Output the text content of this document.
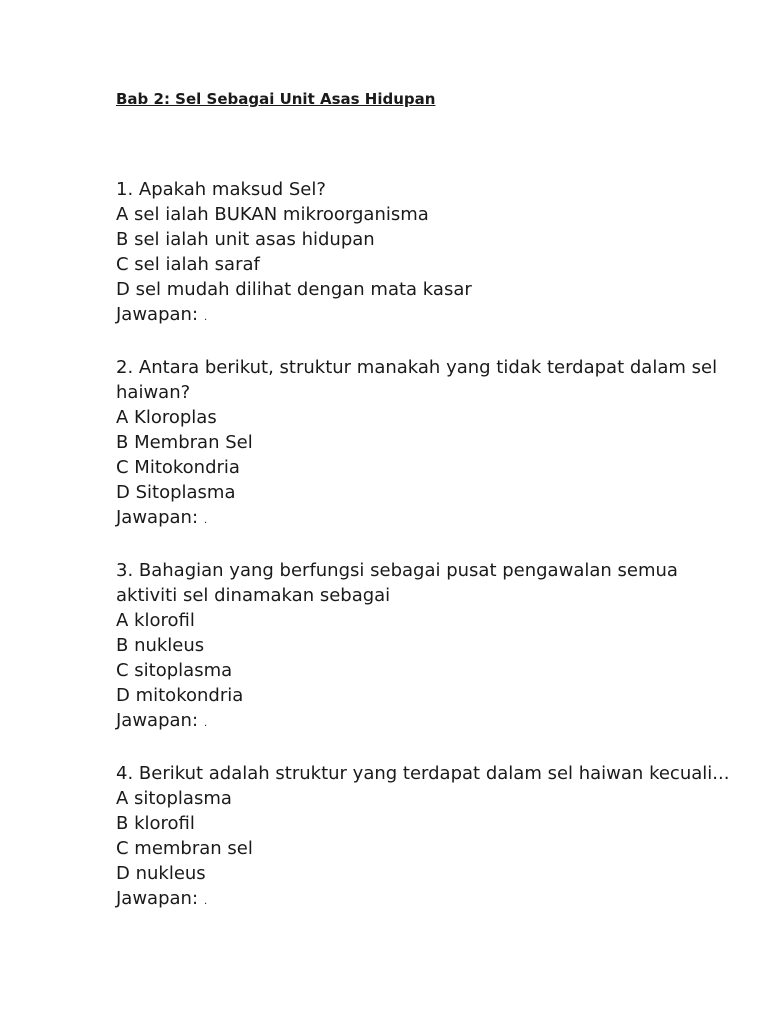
Bab 2: Sel Sebagai Unit Asas Hidupan
1. Apakah maksud Sel?
A sel ialah BUKAN mikroorganisma
B sel ialah unit asas hidupan
C sel ialah saraf
D sel mudah dilihat dengan mata kasar
Jawapan: .
2. Antara berikut, struktur manakah yang tidak terdapat dalam sel haiwan?
A Kloroplas
B Membran Sel
C Mitokondria
D Sitoplasma
Jawapan: .
3. Bahagian yang berfungsi sebagai pusat pengawalan semua aktiviti sel dinamakan sebagai
A klorofil
B nukleus
C sitoplasma
D mitokondria
Jawapan: .
4. Berikut adalah struktur yang terdapat dalam sel haiwan kecuali...
A sitoplasma
B klorofil
C membran sel
D nukleus
Jawapan: .
